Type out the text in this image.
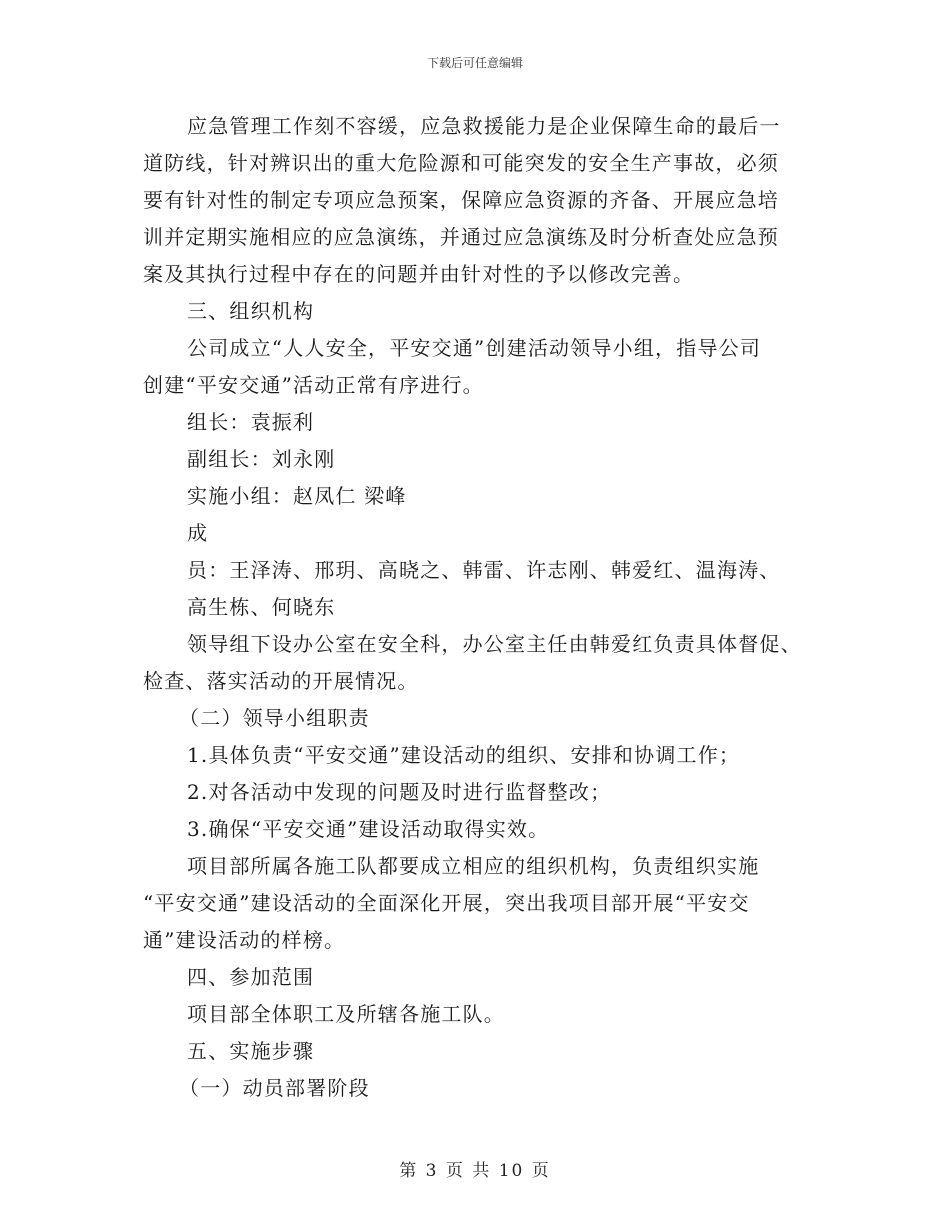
下载后可任意编辑
应急管理工作刻不容缓，应急救援能力是企业保障生命的最后一
道防线，针对辨识出的重大危险源和可能突发的安全生产事故，必须
要有针对性的制定专项应急预案，保障应急资源的齐备、开展应急培
训并定期实施相应的应急演练，并通过应急演练及时分析查处应急预
案及其执行过程中存在的问题并由针对性的予以修改完善。
三、组织机构
公司成立“人人安全，平安交通”创建活动领导小组，指导公司
创建“平安交通”活动正常有序进行。
组长：袁振利
副组长：刘永刚
实施小组：赵凤仁 梁峰
成
员：王泽涛、邢玥、高晓之、韩雷、许志刚、韩爱红、温海涛、
高生栋、何晓东
领导组下设办公室在安全科，办公室主任由韩爱红负责具体督促、
检查、落实活动的开展情况。
（二）领导小组职责
1.具体负责“平安交通”建设活动的组织、安排和协调工作；
2.对各活动中发现的问题及时进行监督整改；
3.确保“平安交通”建设活动取得实效。
项目部所属各施工队都要成立相应的组织机构，负责组织实施
“平安交通”建设活动的全面深化开展，突出我项目部开展“平安交
通”建设活动的样榜。
四、参加范围
项目部全体职工及所辖各施工队。
五、实施步骤
（一）动员部署阶段
第 3 页 共 10 页
